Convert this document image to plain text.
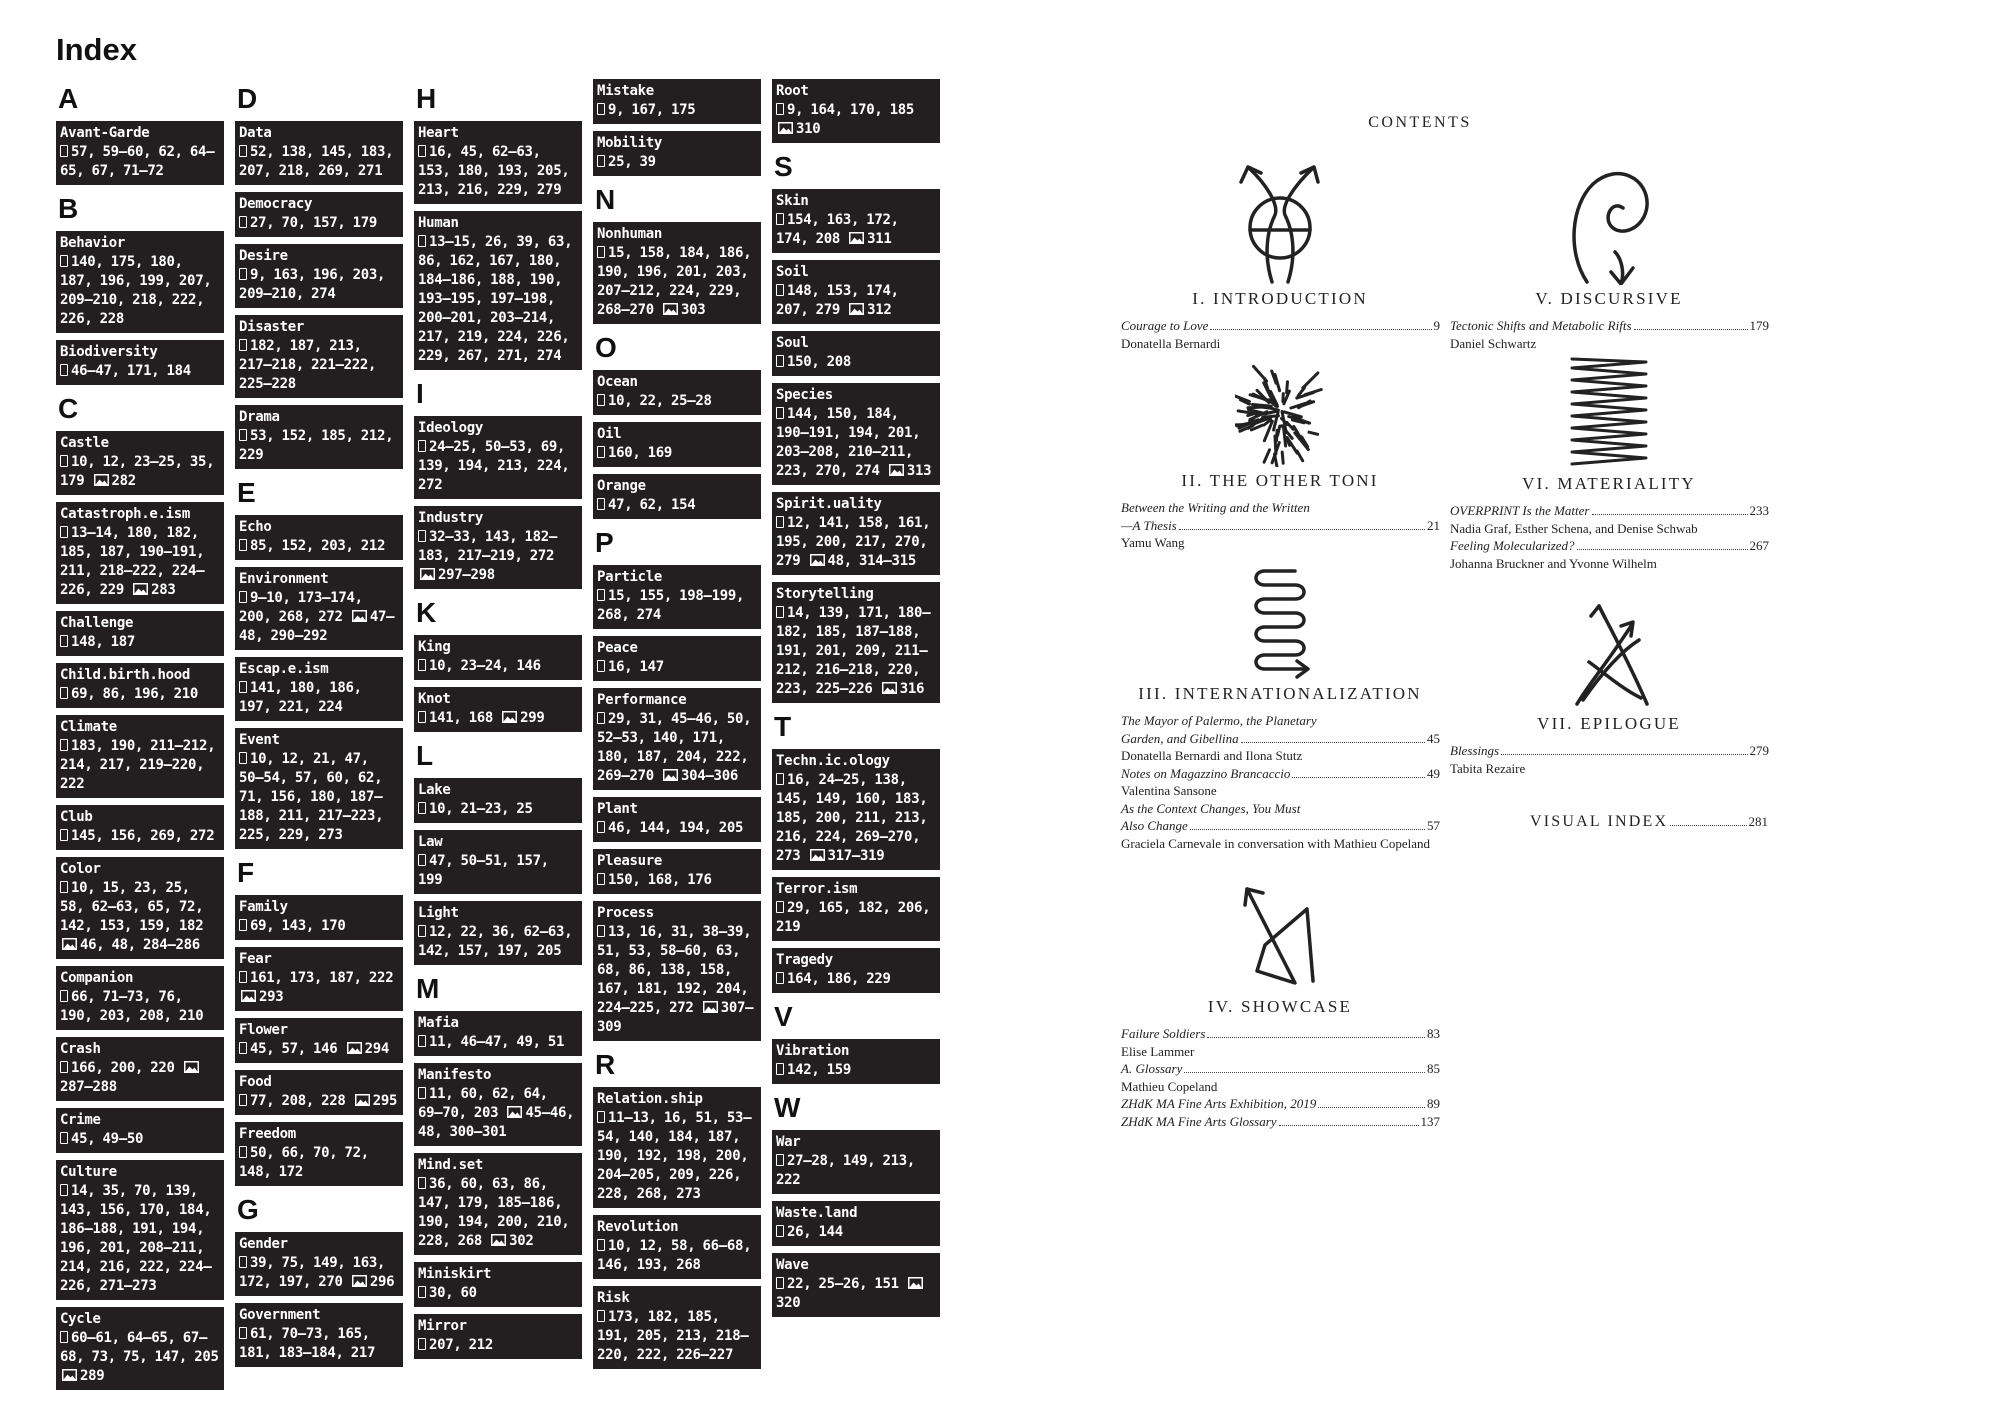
Index
A
Avant-Garde
57, 59–60, 62, 64–65, 67, 71–72
B
Behavior
140, 175, 180, 187, 196, 199, 207, 209–210, 218, 222, 226, 228
Biodiversity
46–47, 171, 184
C
Castle
10, 12, 23–25, 35, 179 282
Catastroph.e.ism
13–14, 180, 182, 185, 187, 190–191, 211, 218–222, 224–226, 229 283
Challenge
148, 187
Child.birth.hood
69, 86, 196, 210
Climate
183, 190, 211–212, 214, 217, 219–220, 222
Club
145, 156, 269, 272
Color
10, 15, 23, 25, 58, 62–63, 65, 72, 142, 153, 159, 182 46, 48, 284–286
Companion
66, 71–73, 76, 190, 203, 208, 210
Crash
166, 200, 220 287–288
Crime
45, 49–50
Culture
14, 35, 70, 139, 143, 156, 170, 184, 186–188, 191, 194, 196, 201, 208–211, 214, 216, 222, 224–226, 271–273
Cycle
60–61, 64–65, 67–68, 73, 75, 147, 205 289
D
Data
52, 138, 145, 183, 207, 218, 269, 271
Democracy
27, 70, 157, 179
Desire
9, 163, 196, 203, 209–210, 274
Disaster
182, 187, 213, 217–218, 221–222, 225–228
Drama
53, 152, 185, 212, 229
E
Echo
85, 152, 203, 212
Environment
9–10, 173–174, 200, 268, 272 47–48, 290–292
Escap.e.ism
141, 180, 186, 197, 221, 224
Event
10, 12, 21, 47, 50–54, 57, 60, 62, 71, 156, 180, 187–188, 211, 217–223, 225, 229, 273
F
Family
69, 143, 170
Fear
161, 173, 187, 222 293
Flower
45, 57, 146 294
Food
77, 208, 228 295
Freedom
50, 66, 70, 72, 148, 172
G
Gender
39, 75, 149, 163, 172, 197, 270 296
Government
61, 70–73, 165, 181, 183–184, 217
H
Heart
16, 45, 62–63, 153, 180, 193, 205, 213, 216, 229, 279
Human
13–15, 26, 39, 63, 86, 162, 167, 180, 184–186, 188, 190, 193–195, 197–198, 200–201, 203–214, 217, 219, 224, 226, 229, 267, 271, 274
I
Ideology
24–25, 50–53, 69, 139, 194, 213, 224, 272
Industry
32–33, 143, 182–183, 217–219, 272 297–298
K
King
10, 23–24, 146
Knot
141, 168 299
L
Lake
10, 21–23, 25
Law
47, 50–51, 157, 199
Light
12, 22, 36, 62–63, 142, 157, 197, 205
M
Mafia
11, 46–47, 49, 51
Manifesto
11, 60, 62, 64, 69–70, 203 45–46, 48, 300–301
Mind.set
36, 60, 63, 86, 147, 179, 185–186, 190, 194, 200, 210, 228, 268 302
Miniskirt
30, 60
Mirror
207, 212
Mistake
9, 167, 175
Mobility
25, 39
N
Nonhuman
15, 158, 184, 186, 190, 196, 201, 203, 207–212, 224, 229, 268–270 303
O
Ocean
10, 22, 25–28
Oil
160, 169
Orange
47, 62, 154
P
Particle
15, 155, 198–199, 268, 274
Peace
16, 147
Performance
29, 31, 45–46, 50, 52–53, 140, 171, 180, 187, 204, 222, 269–270 304–306
Plant
46, 144, 194, 205
Pleasure
150, 168, 176
Process
13, 16, 31, 38–39, 51, 53, 58–60, 63, 68, 86, 138, 158, 167, 181, 192, 204, 224–225, 272 307–309
R
Relation.ship
11–13, 16, 51, 53–54, 140, 184, 187, 190, 192, 198, 200, 204–205, 209, 226, 228, 268, 273
Revolution
10, 12, 58, 66–68, 146, 193, 268
Risk
173, 182, 185, 191, 205, 213, 218–220, 222, 226–227
Root
9, 164, 170, 185 310
S
Skin
154, 163, 172, 174, 208 311
Soil
148, 153, 174, 207, 279 312
Soul
150, 208
Species
144, 150, 184, 190–191, 194, 201, 203–208, 210–211, 223, 270, 274 313
Spirit.uality
12, 141, 158, 161, 195, 200, 217, 270, 279 48, 314–315
Storytelling
14, 139, 171, 180–182, 185, 187–188, 191, 201, 209, 211–212, 216–218, 220, 223, 225–226 316
T
Techn.ic.ology
16, 24–25, 138, 145, 149, 160, 183, 185, 200, 211, 213, 216, 224, 269–270, 273 317–319
Terror.ism
29, 165, 182, 206, 219
Tragedy
164, 186, 229
V
Vibration
142, 159
W
War
27–28, 149, 213, 222
Waste.land
26, 144
Wave
22, 25–26, 151 320
CONTENTS
I. INTRODUCTION
Courage to Love	9
Donatella Bernardi
II. THE OTHER TONI
Between the Writing and the Written
—A Thesis	21
Yamu Wang
III. INTERNATIONALIZATION
The Mayor of Palermo, the Planetary
Garden, and Gibellina	45
Donatella Bernardi and Ilona Stutz
Notes on Magazzino Brancaccio	49
Valentina Sansone
As the Context Changes, You Must
Also Change	57
Graciela Carnevale in conversation with Mathieu Copeland
IV. SHOWCASE
Failure Soldiers	83
Elise Lammer
A. Glossary	85
Mathieu Copeland
ZHdK MA Fine Arts Exhibition, 2019	89
ZHdK MA Fine Arts Glossary	137
V. DISCURSIVE
Tectonic Shifts and Metabolic Rifts	179
Daniel Schwartz
VI. MATERIALITY
OVERPRINT Is the Matter	233
Nadia Graf, Esther Schena, and Denise Schwab
Feeling Molecularized?	267
Johanna Bruckner and Yvonne Wilhelm
VII. EPILOGUE
Blessings	279
Tabita Rezaire
VISUAL INDEX	281
